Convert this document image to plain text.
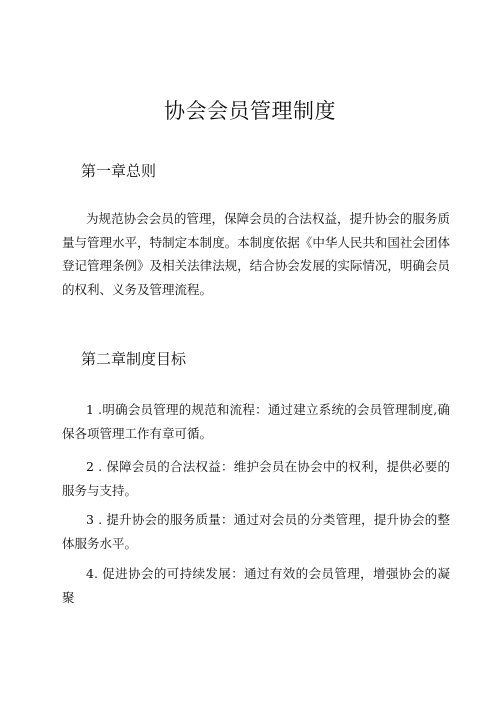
协会会员管理制度
第一章总则

为规范协会会员的管理，保障会员的合法权益，提升协会的服务质量与管理水平，特制定本制度。本制度依据《中华人民共和国社会团体登记管理条例》及相关法律法规，结合协会发展的实际情况，明确会员的权利、义务及管理流程。

第二章制度目标

1 .明确会员管理的规范和流程：通过建立系统的会员管理制度,确保各项管理工作有章可循。

2 . 保障会员的合法权益：维护会员在协会中的权利，提供必要的服务与支持。

3 . 提升协会的服务质量：通过对会员的分类管理，提升协会的整体服务水平。

4. 促进协会的可持续发展：通过有效的会员管理，增强协会的凝聚
